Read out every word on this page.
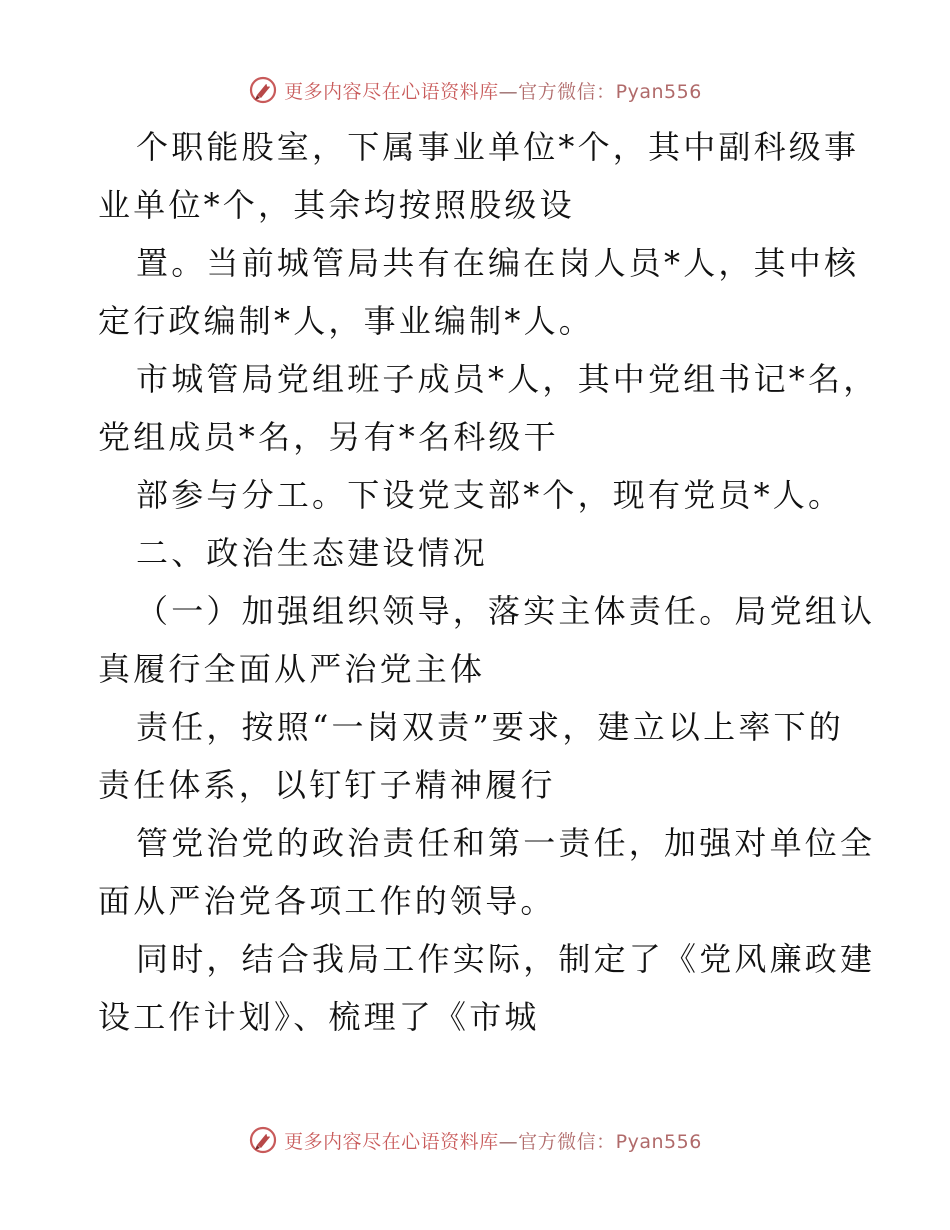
更多内容尽在心语资料库—官方微信：Pyan556
个职能股室，下属事业单位*个，其中副科级事
业单位*个，其余均按照股级设
置。当前城管局共有在编在岗人员*人，其中核
定行政编制*人，事业编制*人。
市城管局党组班子成员*人，其中党组书记*名，
党组成员*名，另有*名科级干
部参与分工。下设党支部*个，现有党员*人。
二、政治生态建设情况
（一）加强组织领导，落实主体责任。局党组认
真履行全面从严治党主体
责任，按照“一岗双责”要求，建立以上率下的
责任体系，以钉钉子精神履行
管党治党的政治责任和第一责任，加强对单位全
面从严治党各项工作的领导。
同时，结合我局工作实际，制定了《党风廉政建
设工作计划》、梳理了《市城
更多内容尽在心语资料库—官方微信：Pyan556
